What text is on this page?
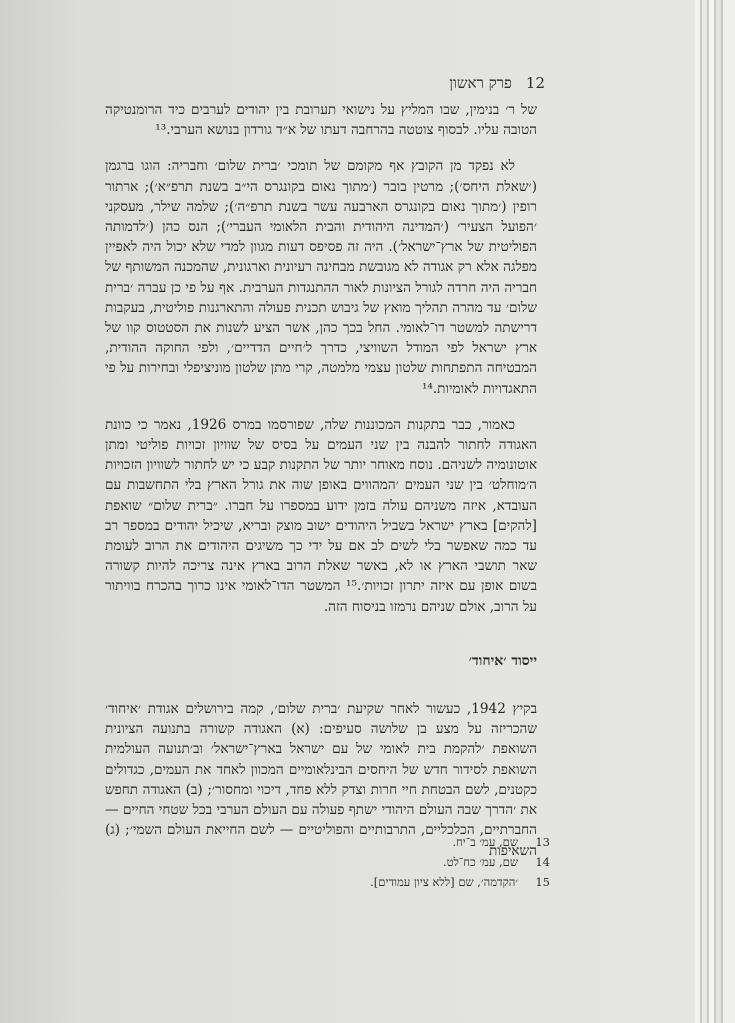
12
פרק ראשון

של ר׳ בנימין, שבו המליץ על נישואי תערובת בין יהודים לערבים כיד הרומנטיקה הטובה עליו. לבסוף צוטטה בהרחבה דעתו של א״ד גורדון בנושא הערבי.¹³

לא נפקד מן הקובץ אף מקומם של תומכי ׳ברית שלום׳ וחבריה: הוגו ברגמן (׳שאלת היחס׳); מרטין בובר (׳מתוך נאום בקונגרס הי״ב בשנת תרפ״א׳); ארתור רופין (׳מתוך נאום בקונגרס הארבעה עשר בשנת תרפ״ה׳); שלמה שילר, מעסקני ׳הפועל הצעיר׳ (׳המדינה היהודית והבית הלאומי העברי׳); הנס כהן (׳לדמותה הפוליטית של ארץ־ישראל׳). היה זה פסיפס דעות מגוון למדי שלא יכול היה לאפיין מפלגה אלא רק אגודה לא מגובשת מבחינה רעיונית וארגונית, שהמכנה המשותף של חבריה היה חרדה לגורל הציונות לאור ההתנגדות הערבית. אף על פי כן עברה ׳ברית שלום׳ עד מהרה תהליך מואץ של גיבוש תכנית פעולה והתארגנות פוליטית, בעקבות דרישתה למשטר דו־לאומי. החל בכך כהן, אשר הציע לשנות את הסטטוס קוו של ארץ ישראל לפי המודל השוויצי, כדרך ל׳חיים הדדיים׳, ולפי החוקה ההודית, המבטיחה התפתחות שלטון עצמי מלמטה, קרי מתן שלטון מוניציפלי ובחירות על פי התאגדויות לאומיות.¹⁴

כאמור, כבר בתקנות המכוננות שלה, שפורסמו במרס 1926, נאמר כי כוונת האגודה לחתור להבנה בין שני העמים על בסיס של שוויון זכויות פוליטי ומתן אוטונומיה לשניהם. נוסח מאוחר יותר של התקנות קבע כי יש לחתור לשוויון הזכויות ה׳מוחלט׳ בין שני העמים ׳המהווים באופן שוה את גורל הארץ בלי התחשבות עם העובדא, איזה משניהם עולה בזמן ידוע במספרו על חברו. ״ברית שלום״ שואפת [להקים] בארץ ישראל בשביל היהודים ישוב מוצק ובריא, שיכיל יהודים במספר רב עד כמה שאפשר בלי לשים לב אם על ידי כך משיגים היהודים את הרוב לעומת שאר תושבי הארץ או לא, באשר שאלת הרוב בארץ אינה צריכה להיות קשורה בשום אופן עם איזה יתרון זכויות׳.¹⁵ המשטר הדו־לאומי אינו כרוך בהכרח בוויתור על הרוב, אולם שניהם נרמזו בניסוח הזה.

ייסוד ׳איחוד׳

בקיץ 1942, כעשור לאחר שקיעת ׳ברית שלום׳, קמה בירושלים אגודת ׳איחוד׳ שהכריזה על מצע בן שלושה סעיפים: (א) האגודה קשורה בתנועה הציונית השואפת ׳להקמת בית לאומי של עם ישראל בארץ־ישראל׳ וב׳תנועה העולמית השואפת לסידור חדש של היחסים הבינלאומיים המכוון לאחד את העמים, כגדולים כקטנים, לשם הבטחת חיי חרות וצדק ללא פחד, דיכוי ומחסור׳; (ב) האגודה תחפש את ׳הדרך שבה העולם היהודי ישתף פעולה עם העולם הערבי בכל שטחי החיים — החברתיים, הכלכליים, התרבותיים והפוליטיים — לשם החייאת העולם השמי׳; (ג) השאיפות

13
שם, עמ׳ ב־יח.
14
שם, עמ׳ כח־לט.
15
׳הקדמה׳, שם [ללא ציון עמודים].
